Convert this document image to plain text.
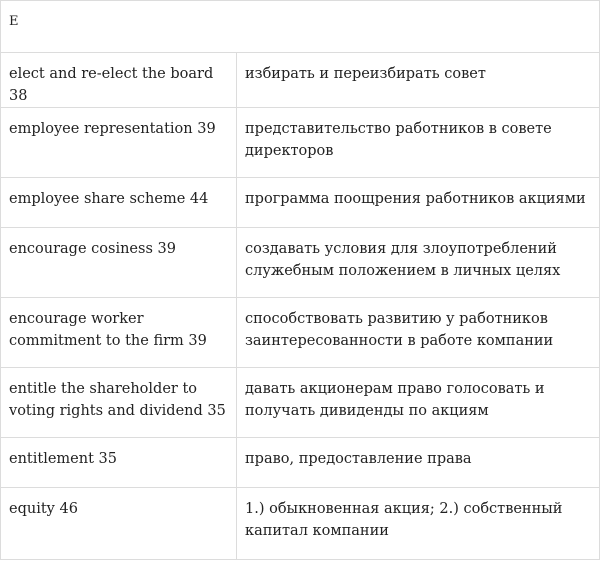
E	
elect and re-elect the board 38	избирать и переизбирать совет
employee representation 39	представительство работников в совете директоров
employee share scheme 44	программа поощрения работников акциями
encourage cosiness 39	создавать условия для злоупотреблений служебным положением в личных целях
encourage worker commitment to the firm 39	способствовать развитию у работников заинтересованности в работе компании
entitle the shareholder to voting rights and dividend 35	давать акционерам право голосовать и получать дивиденды по акциям
entitlement 35	право, предоставление права
equity 46	1.) обыкновенная акция; 2.) собственный капитал компании
